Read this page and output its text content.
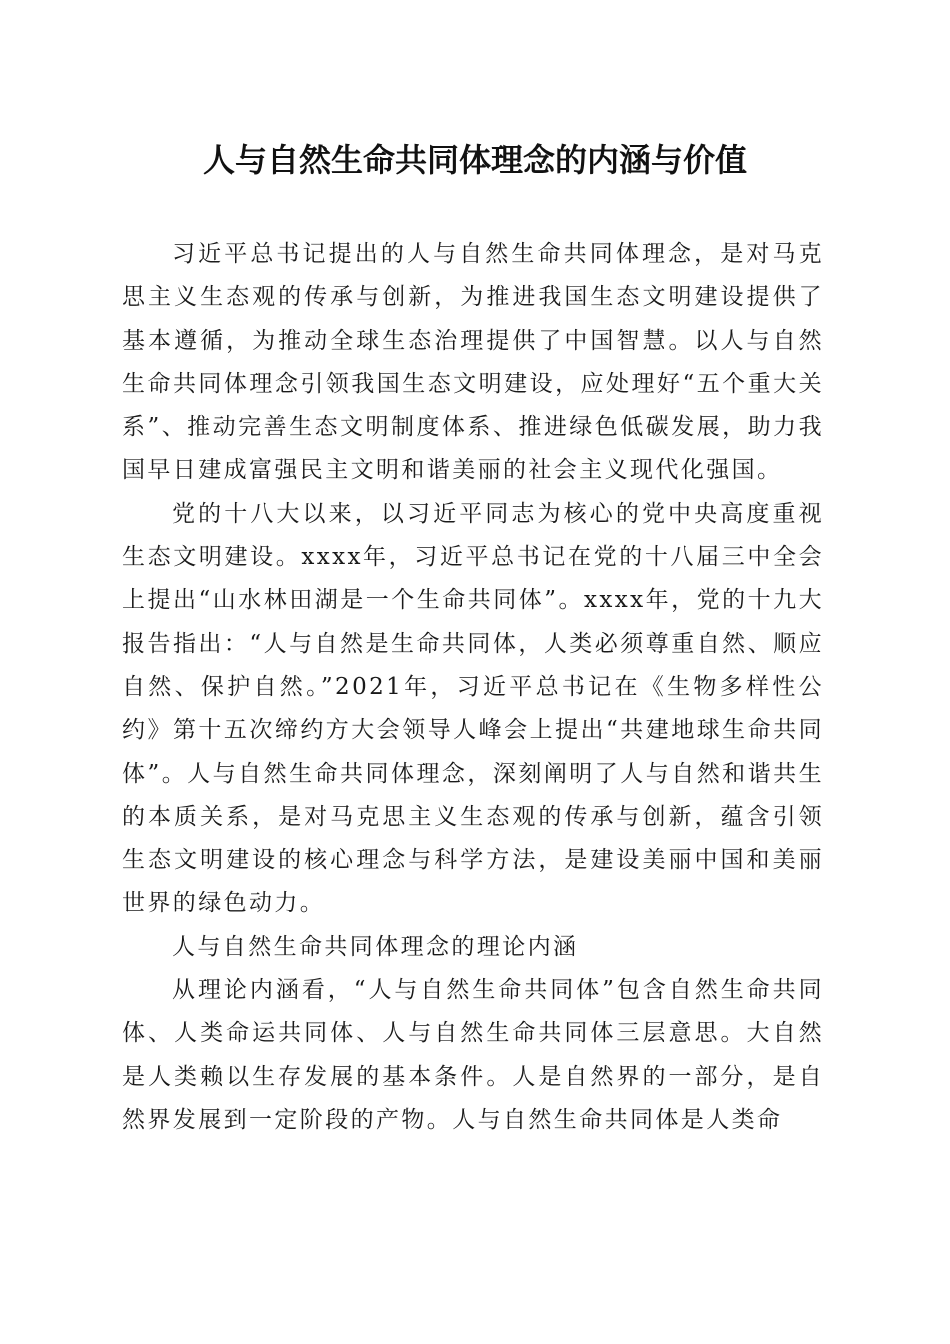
人与自然生命共同体理念的内涵与价值

习近平总书记提出的人与自然生命共同体理念，是对马克思主义生态观的传承与创新，为推进我国生态文明建设提供了基本遵循，为推动全球生态治理提供了中国智慧。以人与自然生命共同体理念引领我国生态文明建设，应处理好“五个重大关系”、推动完善生态文明制度体系、推进绿色低碳发展，助力我国早日建成富强民主文明和谐美丽的社会主义现代化强国。

党的十八大以来，以习近平同志为核心的党中央高度重视生态文明建设。xxxx年，习近平总书记在党的十八届三中全会上提出“山水林田湖是一个生命共同体”。xxxx年，党的十九大报告指出：“人与自然是生命共同体，人类必须尊重自然、顺应自然、保护自然。”2021年，习近平总书记在《生物多样性公约》第十五次缔约方大会领导人峰会上提出“共建地球生命共同体”。人与自然生命共同体理念，深刻阐明了人与自然和谐共生的本质关系，是对马克思主义生态观的传承与创新，蕴含引领生态文明建设的核心理念与科学方法，是建设美丽中国和美丽世界的绿色动力。

人与自然生命共同体理念的理论内涵

从理论内涵看，“人与自然生命共同体”包含自然生命共同体、人类命运共同体、人与自然生命共同体三层意思。大自然是人类赖以生存发展的基本条件。人是自然界的一部分，是自然界发展到一定阶段的产物。人与自然生命共同体是人类命
